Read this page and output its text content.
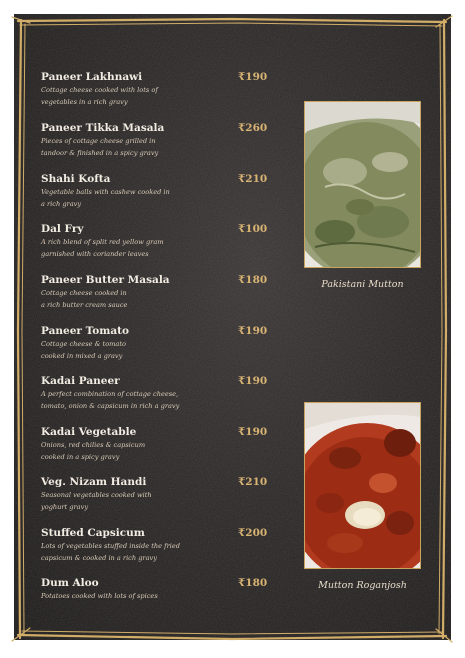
Paneer Lakhnawi	₹190
Cottage cheese cooked with lots of
vegetables in a rich gravy
Paneer Tikka Masala	₹260
Pieces of cottage cheese grilled in
tandoor & finished in a spicy gravy
Shahi Kofta	₹210
Vegetable balls with cashew cooked in
a rich gravy
Dal Fry	₹100
A rich blend of split red yellow gram
garnished with coriander leaves
Paneer Butter Masala	₹180
Cottage cheese cooked in
a rich butter cream sauce
Paneer Tomato	₹190
Cottage cheese & tomato
cooked in mixed a gravy
Kadai Paneer	₹190
A perfect combination of cottage cheese,
tomato, onion & capsicum in rich a gravy
Kadai Vegetable	₹190
Onions, red chilies & capsicum
cooked in a spicy gravy
Veg. Nizam Handi	₹210
Seasonal vegetables cooked with
yoghurt gravy
Stuffed Capsicum	₹200
Lots of vegetables stuffed inside the fried
capsicum & cooked in a rich gravy
Dum Aloo	₹180
Potatoes cooked with lots of spices
Pakistani Mutton
Mutton Roganjosh
